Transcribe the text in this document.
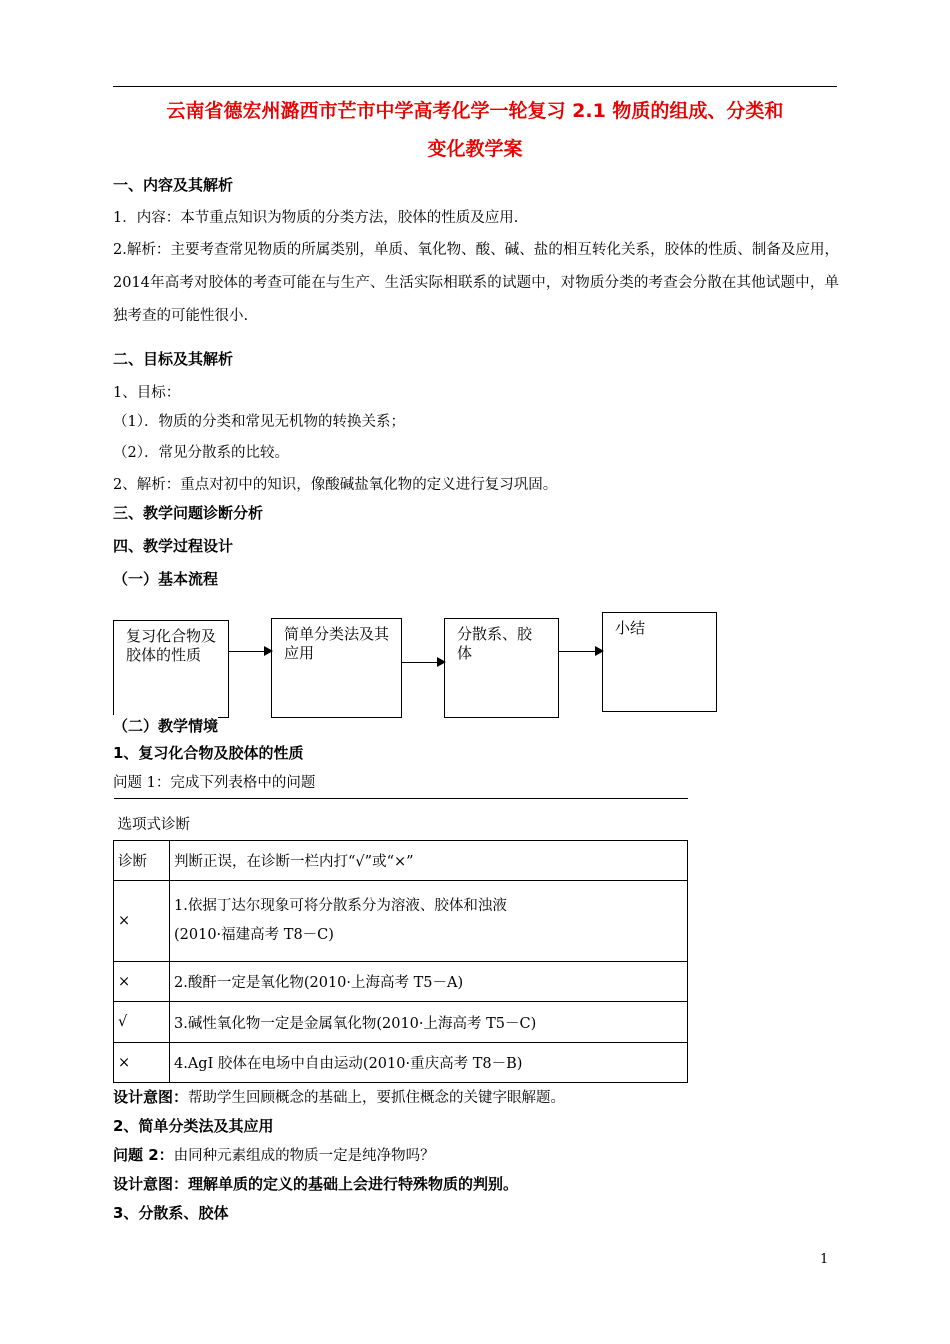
云南省德宏州潞西市芒市中学高考化学一轮复习 2.1 物质的组成、分类和
变化教学案
一、内容及其解析
1．内容：本节重点知识为物质的分类方法，胶体的性质及应用.
2.解析：主要考查常见物质的所属类别，单质、氧化物、酸、碱、盐的相互转化关系，胶体的性质、制备及应用，2014年高考对胶体的考查可能在与生产、生活实际相联系的试题中，对物质分类的考查会分散在其他试题中，单独考查的可能性很小.
二、目标及其解析
1、目标：
（1）．物质的分类和常见无机物的转换关系；
（2）．常见分散系的比较。
2、解析：重点对初中的知识，像酸碱盐氧化物的定义进行复习巩固。
三、教学问题诊断分析
四、教学过程设计
（一）基本流程
复习化合物及胶体的性质
简单分类法及其应用
分散系、胶体
小结
（二）教学情境
1、复习化合物及胶体的性质
问题 1：完成下列表格中的问题
选项式诊断	
诊断	判断正误，在诊断一栏内打“√”或“×”
×	1.依据丁达尔现象可将分散系分为溶液、胶体和浊液
(2010·福建高考 T8－C)

×	2.酸酐一定是氧化物(2010·上海高考 T5－A)
√	3.碱性氧化物一定是金属氧化物(2010·上海高考 T5－C)
×	4.AgI 胶体在电场中自由运动(2010·重庆高考 T8－B)
设计意图：帮助学生回顾概念的基础上，要抓住概念的关键字眼解题。
2、简单分类法及其应用
问题 2：由同种元素组成的物质一定是纯净物吗？
设计意图：理解单质的定义的基础上会进行特殊物质的判别。
3、分散系、胶体
1
